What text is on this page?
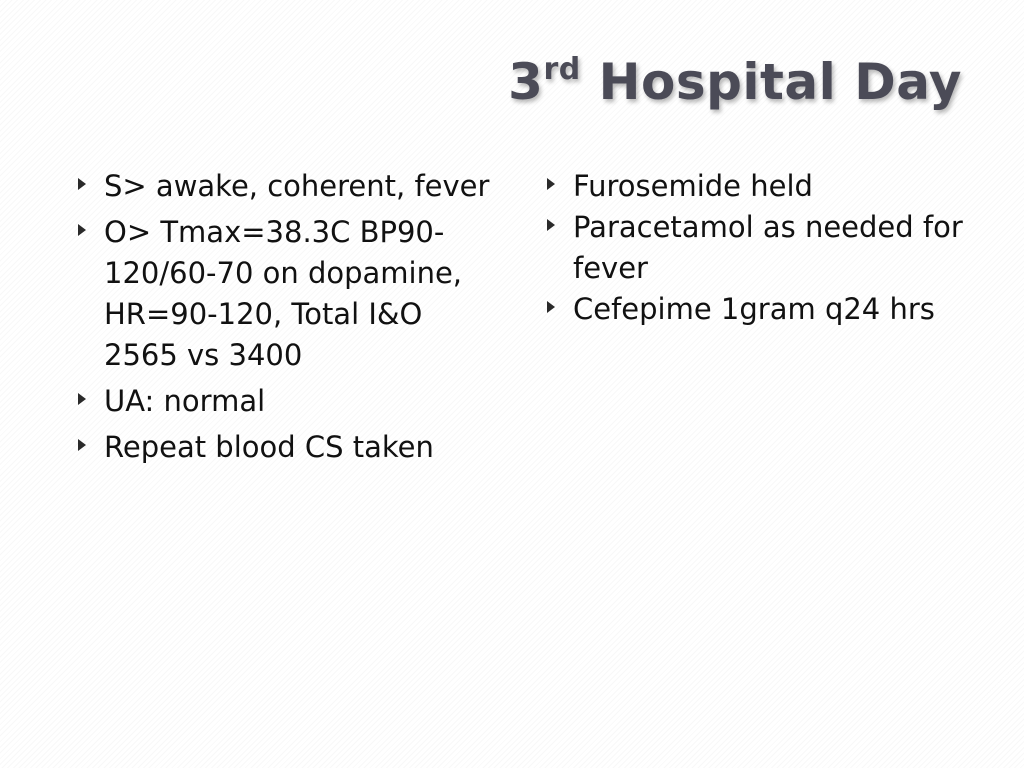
3rd Hospital Day
S> awake, coherent, fever
O> Tmax=38.3C BP90-120/60-70 on dopamine, HR=90-120, Total I&O 2565 vs 3400
UA: normal
Repeat blood CS taken
Furosemide held
Paracetamol as needed for fever
Cefepime 1gram q24 hrs
